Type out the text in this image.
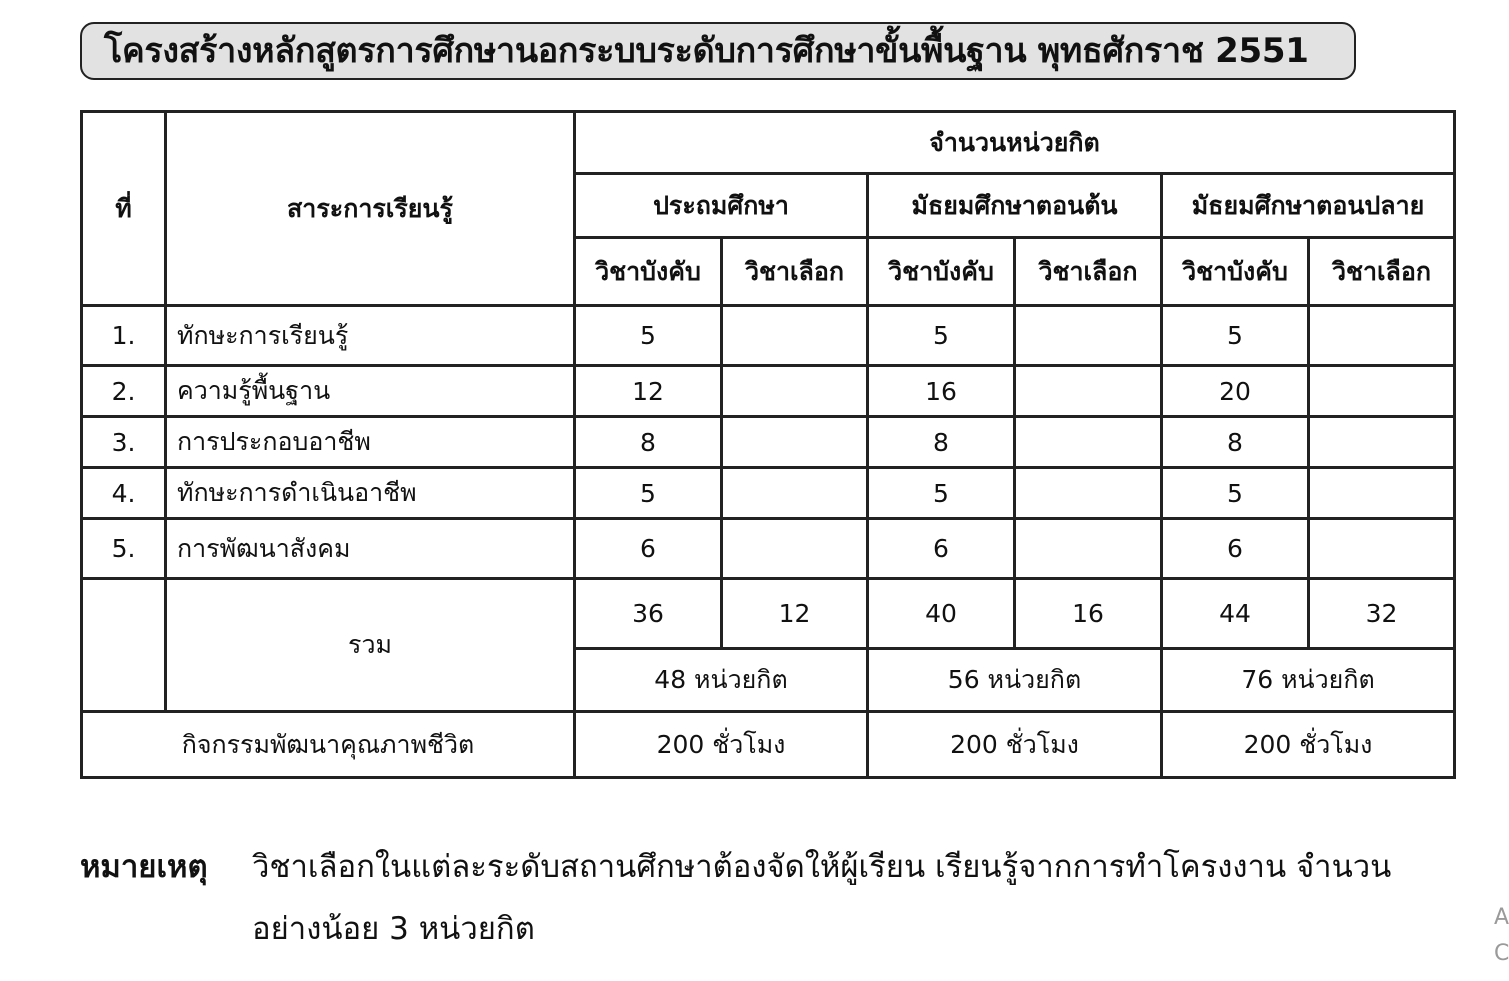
โครงสร้างหลักสูตรการศึกษานอกระบบระดับการศึกษาขั้นพื้นฐาน พุทธศักราช 2551
ที่	สาระการเรียนรู้	จำนวนหน่วยกิต					
		ประถมศึกษา		มัธยมศึกษาตอนต้น		มัธยมศึกษาตอนปลาย	
		วิชาบังคับ	วิชาเลือก	วิชาบังคับ	วิชาเลือก	วิชาบังคับ	วิชาเลือก
1.	ทักษะการเรียนรู้	5		5		5	
2.	ความรู้พื้นฐาน	12		16		20	
3.	การประกอบอาชีพ	8		8		8	
4.	ทักษะการดำเนินอาชีพ	5		5		5	
5.	การพัฒนาสังคม	6		6		6	
	รวม	36	12	40	16	44	32
		48 หน่วยกิต		56 หน่วยกิต		76 หน่วยกิต	
กิจกรรมพัฒนาคุณภาพชีวิต		200 ชั่วโมง		200 ชั่วโมง		200 ชั่วโมง	
หมายเหตุ วิชาเลือกในแต่ละระดับสถานศึกษาต้องจัดให้ผู้เรียน เรียนรู้จากการทำโครงงาน จำนวนอย่างน้อย 3 หน่วยกิต	A
C
